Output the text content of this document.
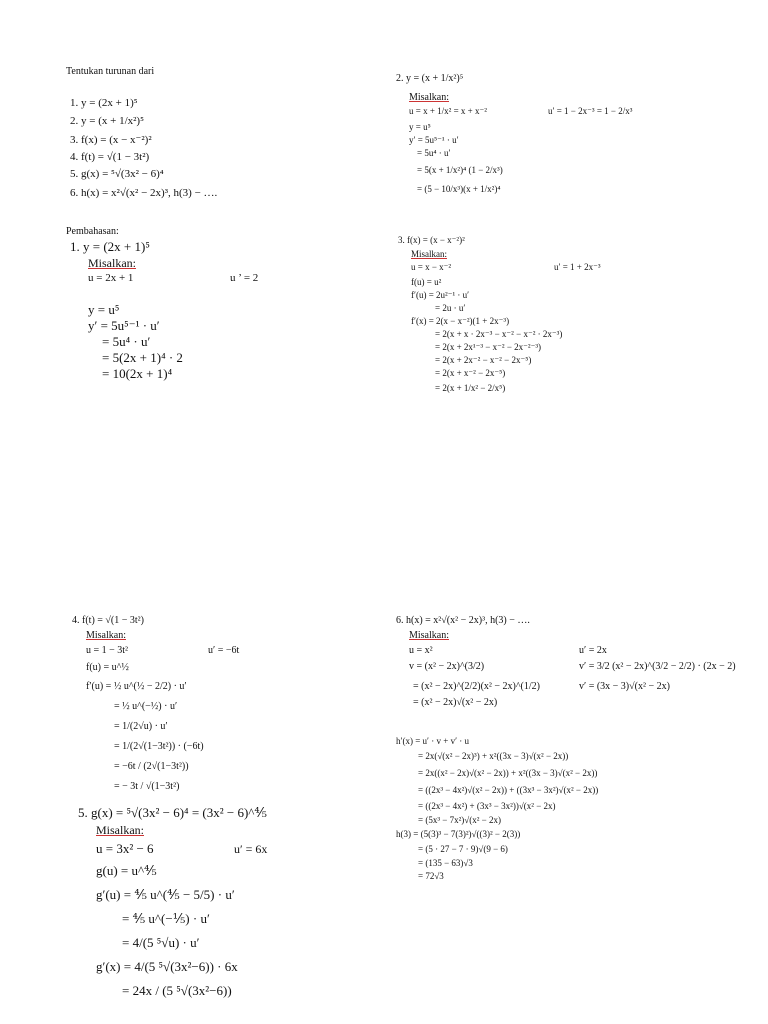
Tentukan turunan dari
1. y = (2x + 1)⁵
2. y = (x + 1/x²)⁵
3. f(x) = (x − x⁻²)²
4. f(t) = √(1 − 3t²)
5. g(x) = ⁵√(3x² − 6)⁴
6. h(x) = x²√(x² − 2x)³, h(3) − ….
Pembahasan:
1. y = (2x + 1)⁵
Misalkan:
u = 2x + 1	u ’ = 2
y = u⁵
y′ = 5u⁵⁻¹ · u′
= 5u⁴ · u′
= 5(2x + 1)⁴ · 2
= 10(2x + 1)⁴
2. y = (x + 1/x²)⁵
Misalkan:
u = x + 1/x² = x + x⁻²	u′ = 1 − 2x⁻³ = 1 − 2/x³
y = u⁵
y′ = 5u⁵⁻¹ · u′
= 5u⁴ · u′
= 5(x + 1/x²)⁴ (1 − 2/x³)
= (5 − 10/x³)(x + 1/x²)⁴
3. f(x) = (x − x⁻²)²
Misalkan:
u = x − x⁻²	u′ = 1 + 2x⁻³
f(u) = u²
f′(u) = 2u²⁻¹ · u′
= 2u · u′
f′(x) = 2(x − x⁻²)(1 + 2x⁻³)
= 2(x + x · 2x⁻³ − x⁻² − x⁻² · 2x⁻³)
= 2(x + 2x¹⁻³ − x⁻² − 2x⁻²⁻³)
= 2(x + 2x⁻² − x⁻² − 2x⁻⁵)
= 2(x + x⁻² − 2x⁻⁵)
= 2(x + 1/x² − 2/x⁵)
4. f(t) = √(1 − 3t²)
Misalkan:
u = 1 − 3t²	u′ = −6t
f(u) = u^½
f′(u) = ½ u^(½ − 2/2) · u′
= ½ u^(−½) · u′
= 1/(2√u) · u′
= 1/(2√(1−3t²)) · (−6t)
= −6t / (2√(1−3t²))
= − 3t / √(1−3t²)
5. g(x) = ⁵√(3x² − 6)⁴ = (3x² − 6)^⅘
Misalkan:
u = 3x² − 6	u′ = 6x
g(u) = u^⅘
g′(u) = ⅘ u^(⅘ − 5/5) · u′
= ⅘ u^(−⅕) · u′
= 4/(5 ⁵√u) · u′
g′(x) = 4/(5 ⁵√(3x²−6)) · 6x
= 24x / (5 ⁵√(3x²−6))
6. h(x) = x²√(x² − 2x)³, h(3) − ….
Misalkan:
u = x²	u′ = 2x
v = (x² − 2x)^(3/2)	v′ = 3/2 (x² − 2x)^(3/2 − 2/2) · (2x − 2)
= (x² − 2x)^(2/2)(x² − 2x)^(1/2)	v′ = (3x − 3)√(x² − 2x)
= (x² − 2x)√(x² − 2x)
h′(x) = u′ · v + v′ · u
= 2x(√(x² − 2x)³) + x²((3x − 3)√(x² − 2x))
= 2x((x² − 2x)√(x² − 2x)) + x²((3x − 3)√(x² − 2x))
= ((2x³ − 4x²)√(x² − 2x)) + ((3x³ − 3x²)√(x² − 2x))
= ((2x³ − 4x²) + (3x³ − 3x²))√(x² − 2x)
= (5x³ − 7x²)√(x² − 2x)
h(3) = (5(3)³ − 7(3)²)√((3)² − 2(3))
= (5 · 27 − 7 · 9)√(9 − 6)
= (135 − 63)√3
= 72√3
